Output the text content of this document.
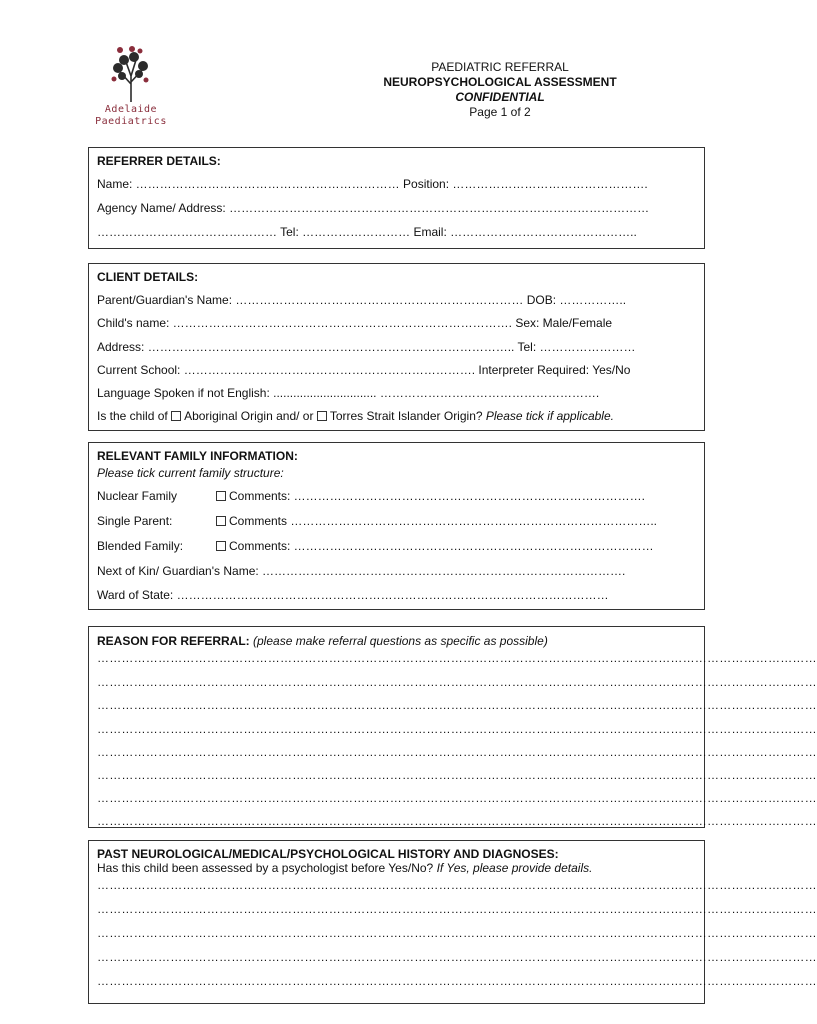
Adelaide
Paediatrics
PAEDIATRIC REFERRAL
NEUROPSYCHOLOGICAL ASSESSMENT
CONFIDENTIAL
Page 1 of 2
REFERRER DETAILS:
Name: ………………………………………………………… Position: ………………………………………….
Agency Name/ Address: ……………………………………………………………………………………………
……………………………………… Tel: ……………………… Email: ………………………………………..
CLIENT DETAILS:
Parent/Guardian's Name: ……………………………………………………………… DOB: ……………..
Child's name: …………………………………………………………………………. Sex: Male/Female
Address: ……………………………………………………………………………….. Tel: ……………………
Current School: ………………………………………………………………. Interpreter Required: Yes/No
Language Spoken if not English: ............................... ……………………………………………….
Is the child of Aboriginal Origin and/ or Torres Strait Islander Origin? Please tick if applicable.
RELEVANT FAMILY INFORMATION:
Please tick current family structure:
Nuclear Family	Comments: …………………………………………………………………………….
Single Parent:	Comments ………………………………………………………………………………..
Blended Family:	Comments: ………………………………………………………………………………
Next of Kin/ Guardian's Name: ……………………………………………………………………………….
Ward of State: ………………………………………………………………………………………………
REASON FOR REFERRAL: (please make referral questions as specific as possible)
……………………………………………………………………………………………………………………………………………………………
……………………………………………………………………………………………………………………………………………………………
……………………………………………………………………………………………………………………………………………………………
……………………………………………………………………………………………………………………………………………………………
……………………………………………………………………………………………………………………………………………………………
……………………………………………………………………………………………………………………………………………………………
……………………………………………………………………………………………………………………………………………………………
……………………………………………………………………………………………………………………………………………………………
PAST NEUROLOGICAL/MEDICAL/PSYCHOLOGICAL HISTORY AND DIAGNOSES:
Has this child been assessed by a psychologist before Yes/No? If Yes, please provide details.
……………………………………………………………………………………………………………………………………………………………
……………………………………………………………………………………………………………………………………………………………
……………………………………………………………………………………………………………………………………………………………
……………………………………………………………………………………………………………………………………………………………
……………………………………………………………………………………………………………………………………………………………
